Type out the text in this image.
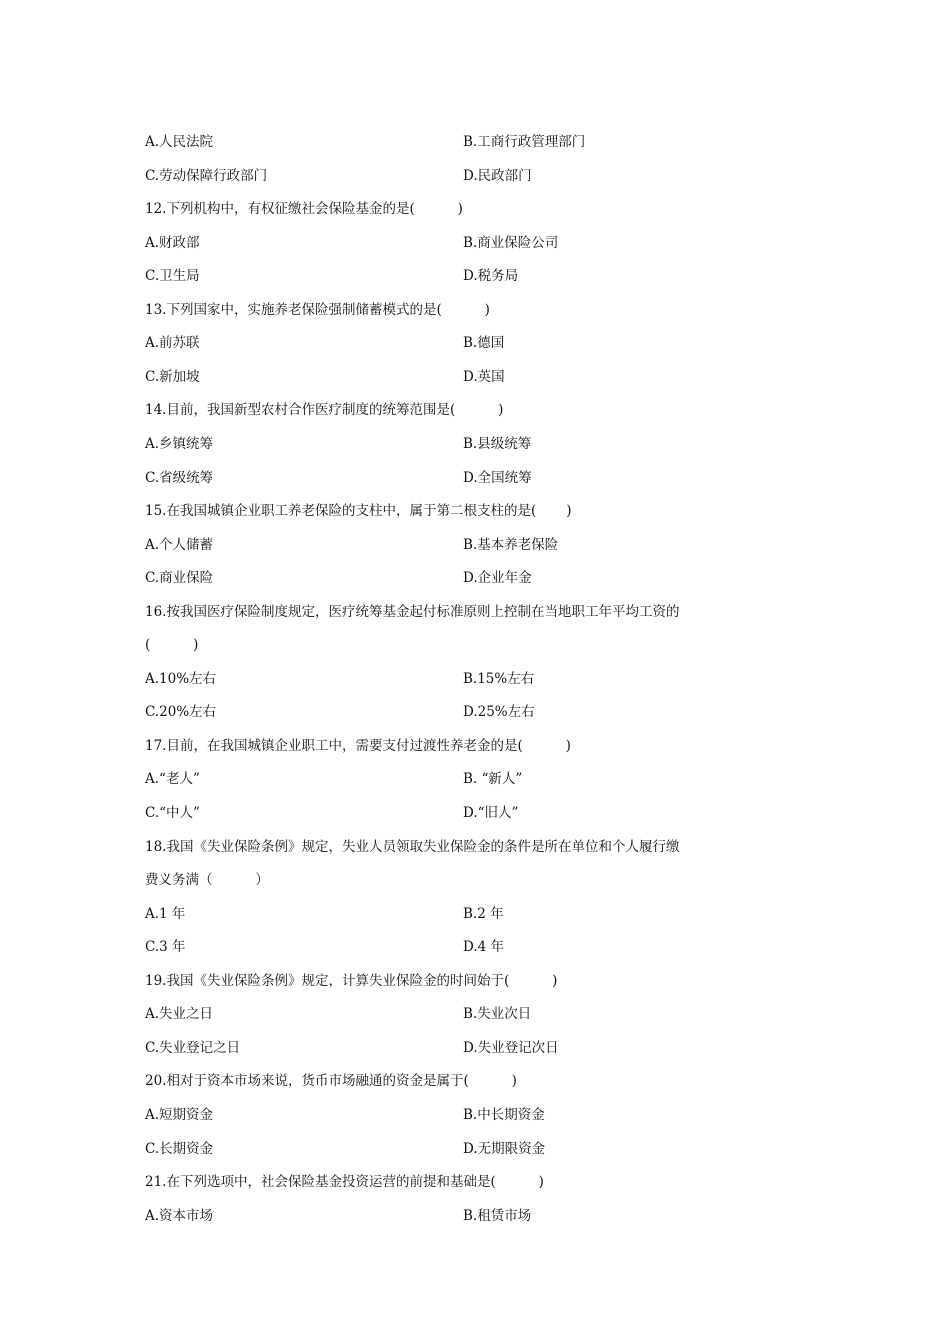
A.人民法院	B.工商行政管理部门
C.劳动保障行政部门	D.民政部门
12.下列机构中，有权征缴社会保险基金的是(          )
A.财政部	B.商业保险公司
C.卫生局	D.税务局
13.下列国家中，实施养老保险强制储蓄模式的是(          )
A.前苏联	B.德国
C.新加坡	D.英国
14.目前，我国新型农村合作医疗制度的统筹范围是(          )
A.乡镇统筹	B.县级统筹
C.省级统筹	D.全国统筹
15.在我国城镇企业职工养老保险的支柱中，属于第二根支柱的是(       )
A.个人储蓄	B.基本养老保险
C.商业保险	D.企业年金
16.按我国医疗保险制度规定，医疗统筹基金起付标准原则上控制在当地职工年平均工资的
(          )
A.10%左右	B.15%左右
C.20%左右	D.25%左右
17.目前，在我国城镇企业职工中，需要支付过渡性养老金的是(          )
A.“老人”	B. “新人”
C.“中人”	D.“旧人”
18.我国《失业保险条例》规定，失业人员领取失业保险金的条件是所在单位和个人履行缴
费义务满（          ）
A.1 年	B.2 年
C.3 年	D.4 年
19.我国《失业保险条例》规定，计算失业保险金的时间始于(          )
A.失业之日	B.失业次日
C.失业登记之日	D.失业登记次日
20.相对于资本市场来说，货币市场融通的资金是属于(          )
A.短期资金	B.中长期资金
C.长期资金	D.无期限资金
21.在下列选项中，社会保险基金投资运营的前提和基础是(          )
A.资本市场	B.租赁市场
